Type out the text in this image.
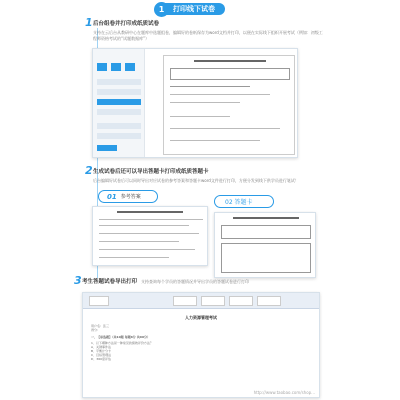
1	打印线下试卷
1 后台组卷并打印成纸质试卷
支持在云后台从教研中心在题库中选题组卷，编辑好的卷纸保存为word文档并打印，以便在实际线下组织开展考试（例如：初级工程师资格考试的“试题数据库”）
2 生成试卷后还可以导出答题卡打印成纸质答题卡
后台编辑好试卷后可以同时导出对应试卷的参考答案和答题卡word文件进行打印，方便分发到线下供学员进行笔试！
02 答题卡
01 参考答案
3 考生答题试卷导出打印 支持查询每个学员的答题情况并导出学员的答题试卷进行打印
人力资源管理考试
用户名：张三
得分：
一、【单选题】（共10题 每题6分 共60分）
1、以下哪种方法是一种常见的绩效评价方法？
A、关键事件法
B、平衡计分卡
C、目标管理法
D、360度评估
http://www.taobao.com/shop...
